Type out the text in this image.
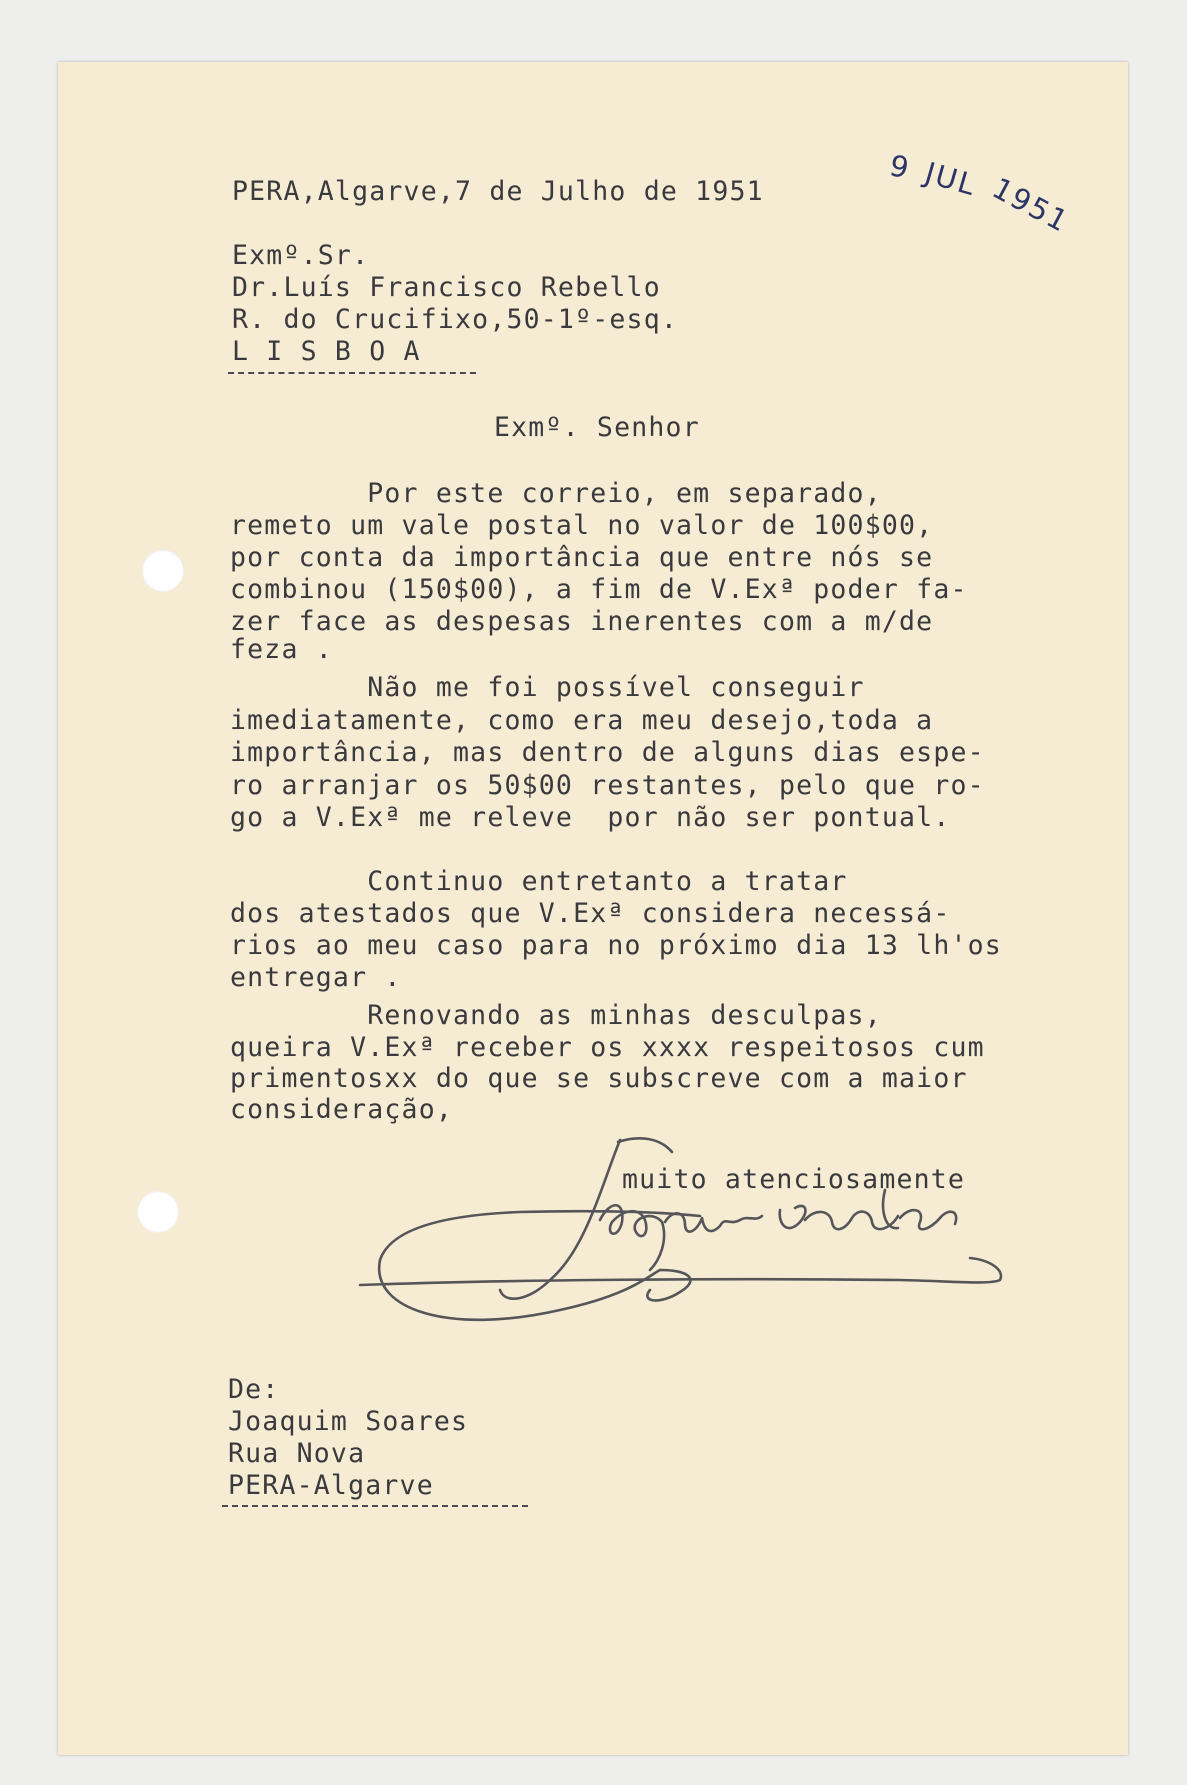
PERA,Algarve,7 de Julho de 1951
9 JUL 1951
Exmº.Sr.
Dr.Luís Francisco Rebello
R. do Crucifixo,50-1º-esq.
L I S B O A
Exmº. Senhor
Por este correio, em separado,
remeto um vale postal no valor de 100$00,
por conta da importância que entre nós se
combinou (150$00), a fim de V.Exª poder fa-
zer face as despesas inerentes com a m/de
feza .
Não me foi possível conseguir
imediatamente, como era meu desejo,toda a
importância, mas dentro de alguns dias espe-
ro arranjar os 50$00 restantes, pelo que ro-
go a V.Exª me releve  por não ser pontual.
Continuo entretanto a tratar
dos atestados que V.Exª considera necessá-
rios ao meu caso para no próximo dia 13 lh'os
entregar .
Renovando as minhas desculpas,
queira V.Exª receber os xxxx respeitosos cum
primentosxx do que se subscreve com a maior
consideração,
muito atenciosamente
De:
Joaquim Soares
Rua Nova
PERA-Algarve
